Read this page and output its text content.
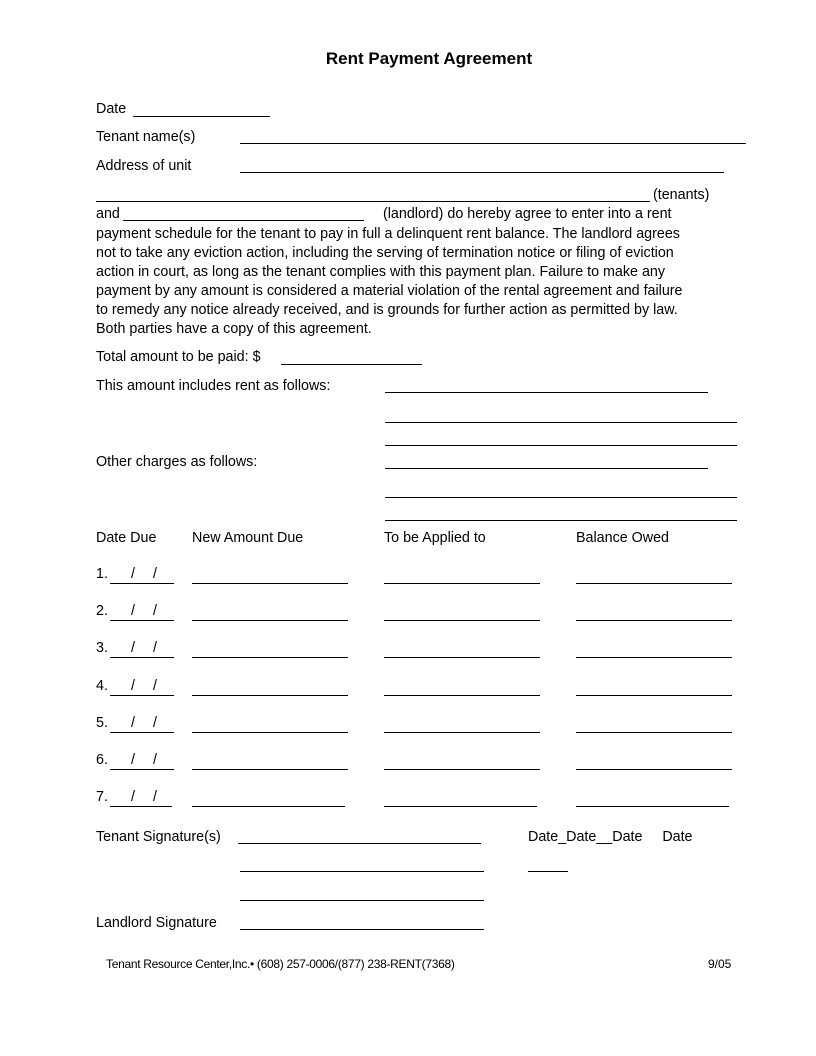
Rent Payment Agreement
Date
Tenant name(s)
Address of unit
(tenants)
and	(landlord) do hereby agree to enter into a rent
payment schedule for the tenant to pay in full a delinquent rent balance. The landlord agrees
not to take any eviction action, including the serving of termination notice or filing of eviction
action in court, as long as the tenant complies with this payment plan. Failure to make any
payment by any amount is considered a material violation of the rental agreement and failure
to remedy any notice already received, and is grounds for further action as permitted by law.
Both parties have a copy of this agreement.
Total amount to be paid: $
This amount includes rent as follows:
Other charges as follows:
Date Due New Amount Due	To be Applied to	Balance Owed
1. / /
2. / /
3. / /
4. / /
5. / /
6. / /
7. / /
Tenant Signature(s)	Date_Date__Date     Date
Landlord Signature
Tenant Resource Center,Inc.• (608) 257-0006/(877) 238-RENT(7368)	9/05
